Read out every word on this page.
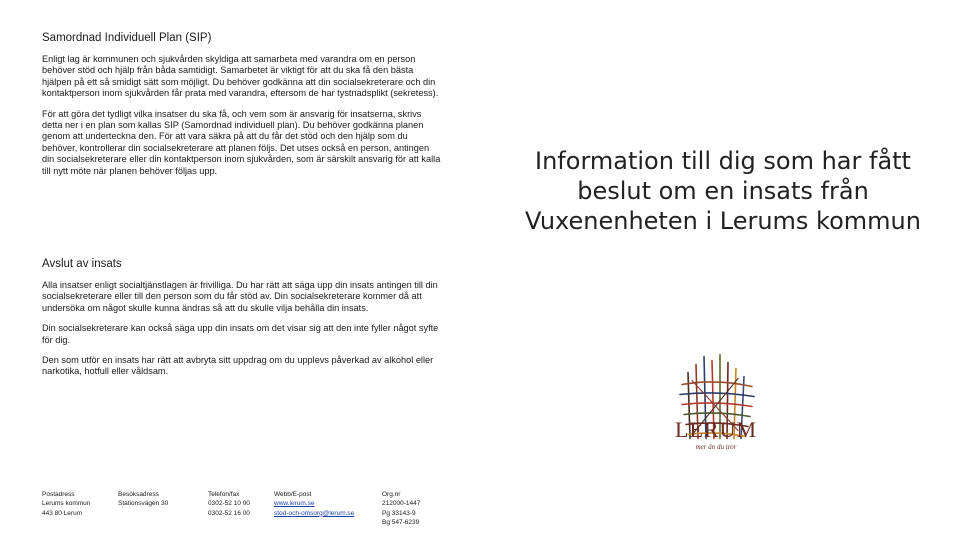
Samordnad Individuell Plan (SIP)

Enligt lag är kommunen och sjukvården skyldiga att samarbeta med varandra om en person behöver stöd och hjälp från båda samtidigt. Samarbetet är viktigt för att du ska få den bästa hjälpen på ett så smidigt sätt som möjligt. Du behöver godkänna att din socialsekreterare och din kontaktperson inom sjukvården får prata med varandra, eftersom de har tystnadsplikt (sekretess).

För att göra det tydligt vilka insatser du ska få, och vem som är ansvarig för insatserna, skrivs detta ner i en plan som kallas SIP (Samordnad individuell plan). Du behöver godkänna planen genom att underteckna den. För att vara säkra på att du får det stöd och den hjälp som du behöver, kontrollerar din socialsekreterare att planen följs. Det utses också en person, antingen din socialsekreterare eller din kontaktperson inom sjukvården, som är särskilt ansvarig för att kalla till nytt möte när planen behöver följas upp.

Avslut av insats

Alla insatser enligt socialtjänstlagen är frivilliga. Du har rätt att säga upp din insats antingen till din socialsekreterare eller till den person som du får stöd av. Din socialsekreterare kommer då att undersöka om något skulle kunna ändras så att du skulle vilja behålla din insats.

Din socialsekreterare kan också säga upp din insats om det visar sig att den inte fyller något syfte för dig.

Den som utför en insats har rätt att avbryta sitt uppdrag om du upplevs påverkad av alkohol eller narkotika, hotfull eller våldsam.

Postadress
Lerums kommun
443 80 Lerum
Besöksadress
Stationsvägen 30
Telefon/fax
0302-52 10 00
0302-52 16 00
Webb/E-post
www.lerum.se
stod-och-omsorg@lerum.se
Org.nr
212000-1447
Pg 33143-9
Bg 547-6239
Information till dig som har fått beslut om en insats från Vuxenenheten i Lerums kommun
LERUM
mer än du tror
